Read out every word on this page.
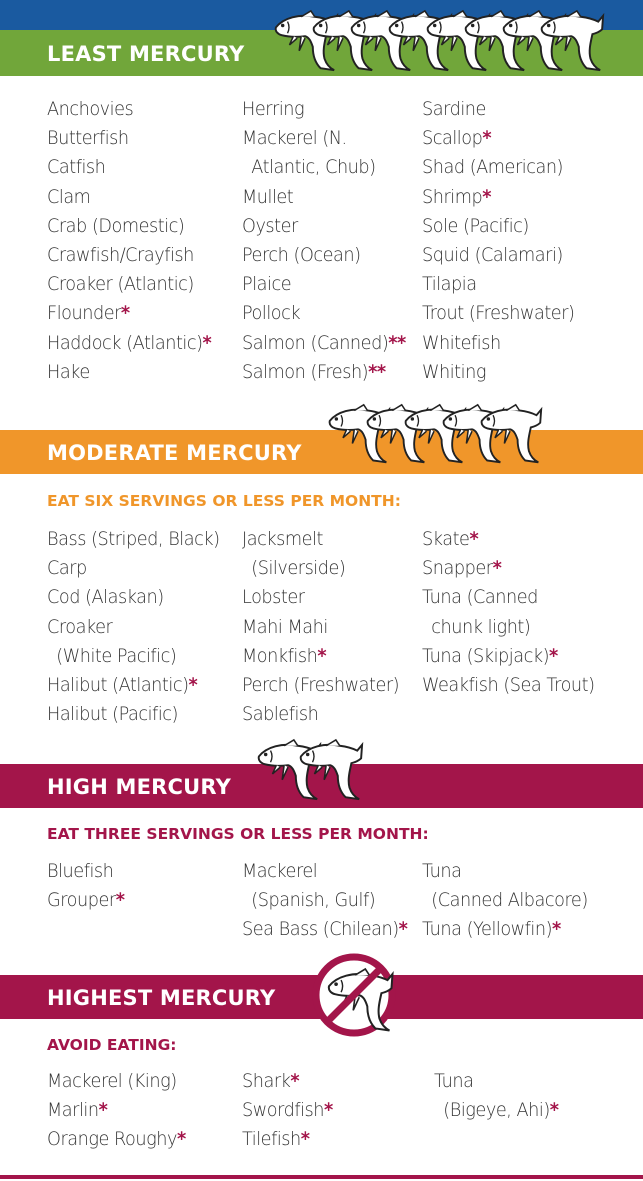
LEAST MERCURY
Anchovies
Butterfish
Catfish
Clam
Crab (Domestic)
Crawfish/Crayfish
Croaker (Atlantic)
Flounder*
Haddock (Atlantic)*
Hake
Herring
Mackerel (N.
Atlantic, Chub)
Mullet
Oyster
Perch (Ocean)
Plaice
Pollock
Salmon (Canned)**
Salmon (Fresh)**
Sardine
Scallop*
Shad (American)
Shrimp*
Sole (Pacific)
Squid (Calamari)
Tilapia
Trout (Freshwater)
Whitefish
Whiting
MODERATE MERCURY
EAT SIX SERVINGS OR LESS PER MONTH:
Bass (Striped, Black)
Carp
Cod (Alaskan)
Croaker
(White Pacific)
Halibut (Atlantic)*
Halibut (Pacific)
Jacksmelt
(Silverside)
Lobster
Mahi Mahi
Monkfish*
Perch (Freshwater)
Sablefish
Skate*
Snapper*
Tuna (Canned
chunk light)
Tuna (Skipjack)*
Weakfish (Sea Trout)
HIGH MERCURY
EAT THREE SERVINGS OR LESS PER MONTH:
Bluefish
Grouper*
Mackerel
(Spanish, Gulf)
Sea Bass (Chilean)*
Tuna
(Canned Albacore)
Tuna (Yellowfin)*
HIGHEST MERCURY
AVOID EATING:
Mackerel (King)
Marlin*
Orange Roughy*
Shark*
Swordfish*
Tilefish*
Tuna
(Bigeye, Ahi)*
